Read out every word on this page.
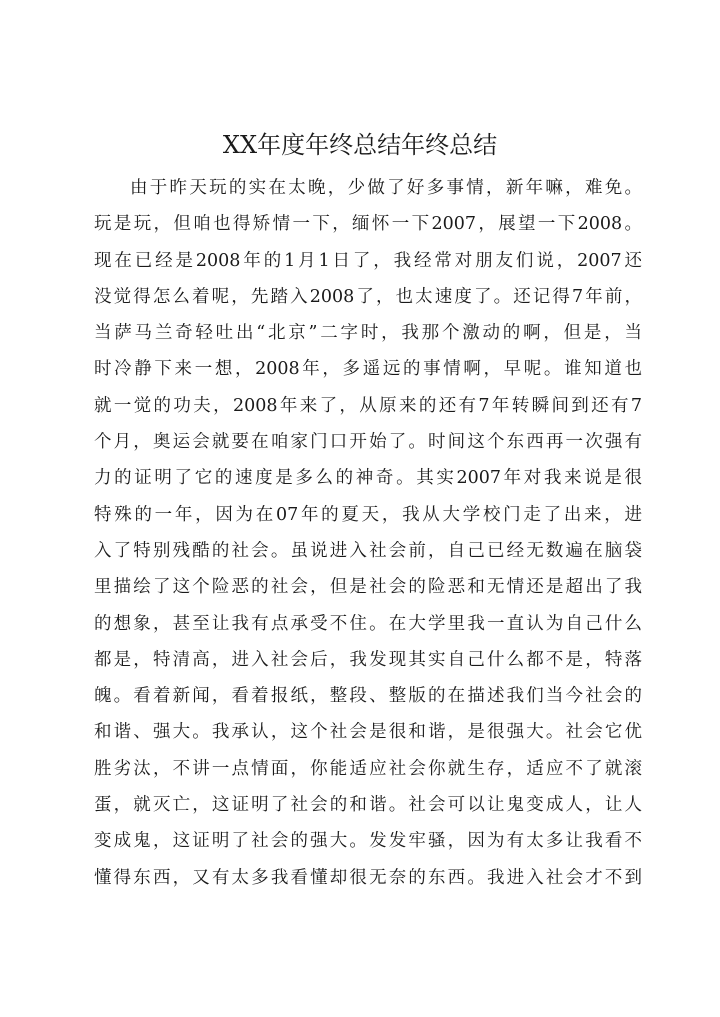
XX年度年终总结年终总结
由于昨天玩的实在太晚，少做了好多事情，新年嘛，难免。
玩是玩，但咱也得矫情一下，缅怀一下2007，展望一下2008。
现在已经是2008年的1月1日了，我经常对朋友们说，2007还
没觉得怎么着呢，先踏入2008了，也太速度了。还记得7年前，
当萨马兰奇轻吐出“北京”二字时，我那个激动的啊，但是，当
时冷静下来一想，2008年，多遥远的事情啊，早呢。谁知道也
就一觉的功夫，2008年来了，从原来的还有7年转瞬间到还有7
个月，奥运会就要在咱家门口开始了。时间这个东西再一次强有
力的证明了它的速度是多么的神奇。其实2007年对我来说是很
特殊的一年，因为在07年的夏天，我从大学校门走了出来，进
入了特别残酷的社会。虽说进入社会前，自己已经无数遍在脑袋
里描绘了这个险恶的社会，但是社会的险恶和无情还是超出了我
的想象，甚至让我有点承受不住。在大学里我一直认为自己什么
都是，特清高，进入社会后，我发现其实自己什么都不是，特落
魄。看着新闻，看着报纸，整段、整版的在描述我们当今社会的
和谐、强大。我承认，这个社会是很和谐，是很强大。社会它优
胜劣汰，不讲一点情面，你能适应社会你就生存，适应不了就滚
蛋，就灭亡，这证明了社会的和谐。社会可以让鬼变成人，让人
变成鬼，这证明了社会的强大。发发牢骚，因为有太多让我看不
懂得东西，又有太多我看懂却很无奈的东西。我进入社会才不到
